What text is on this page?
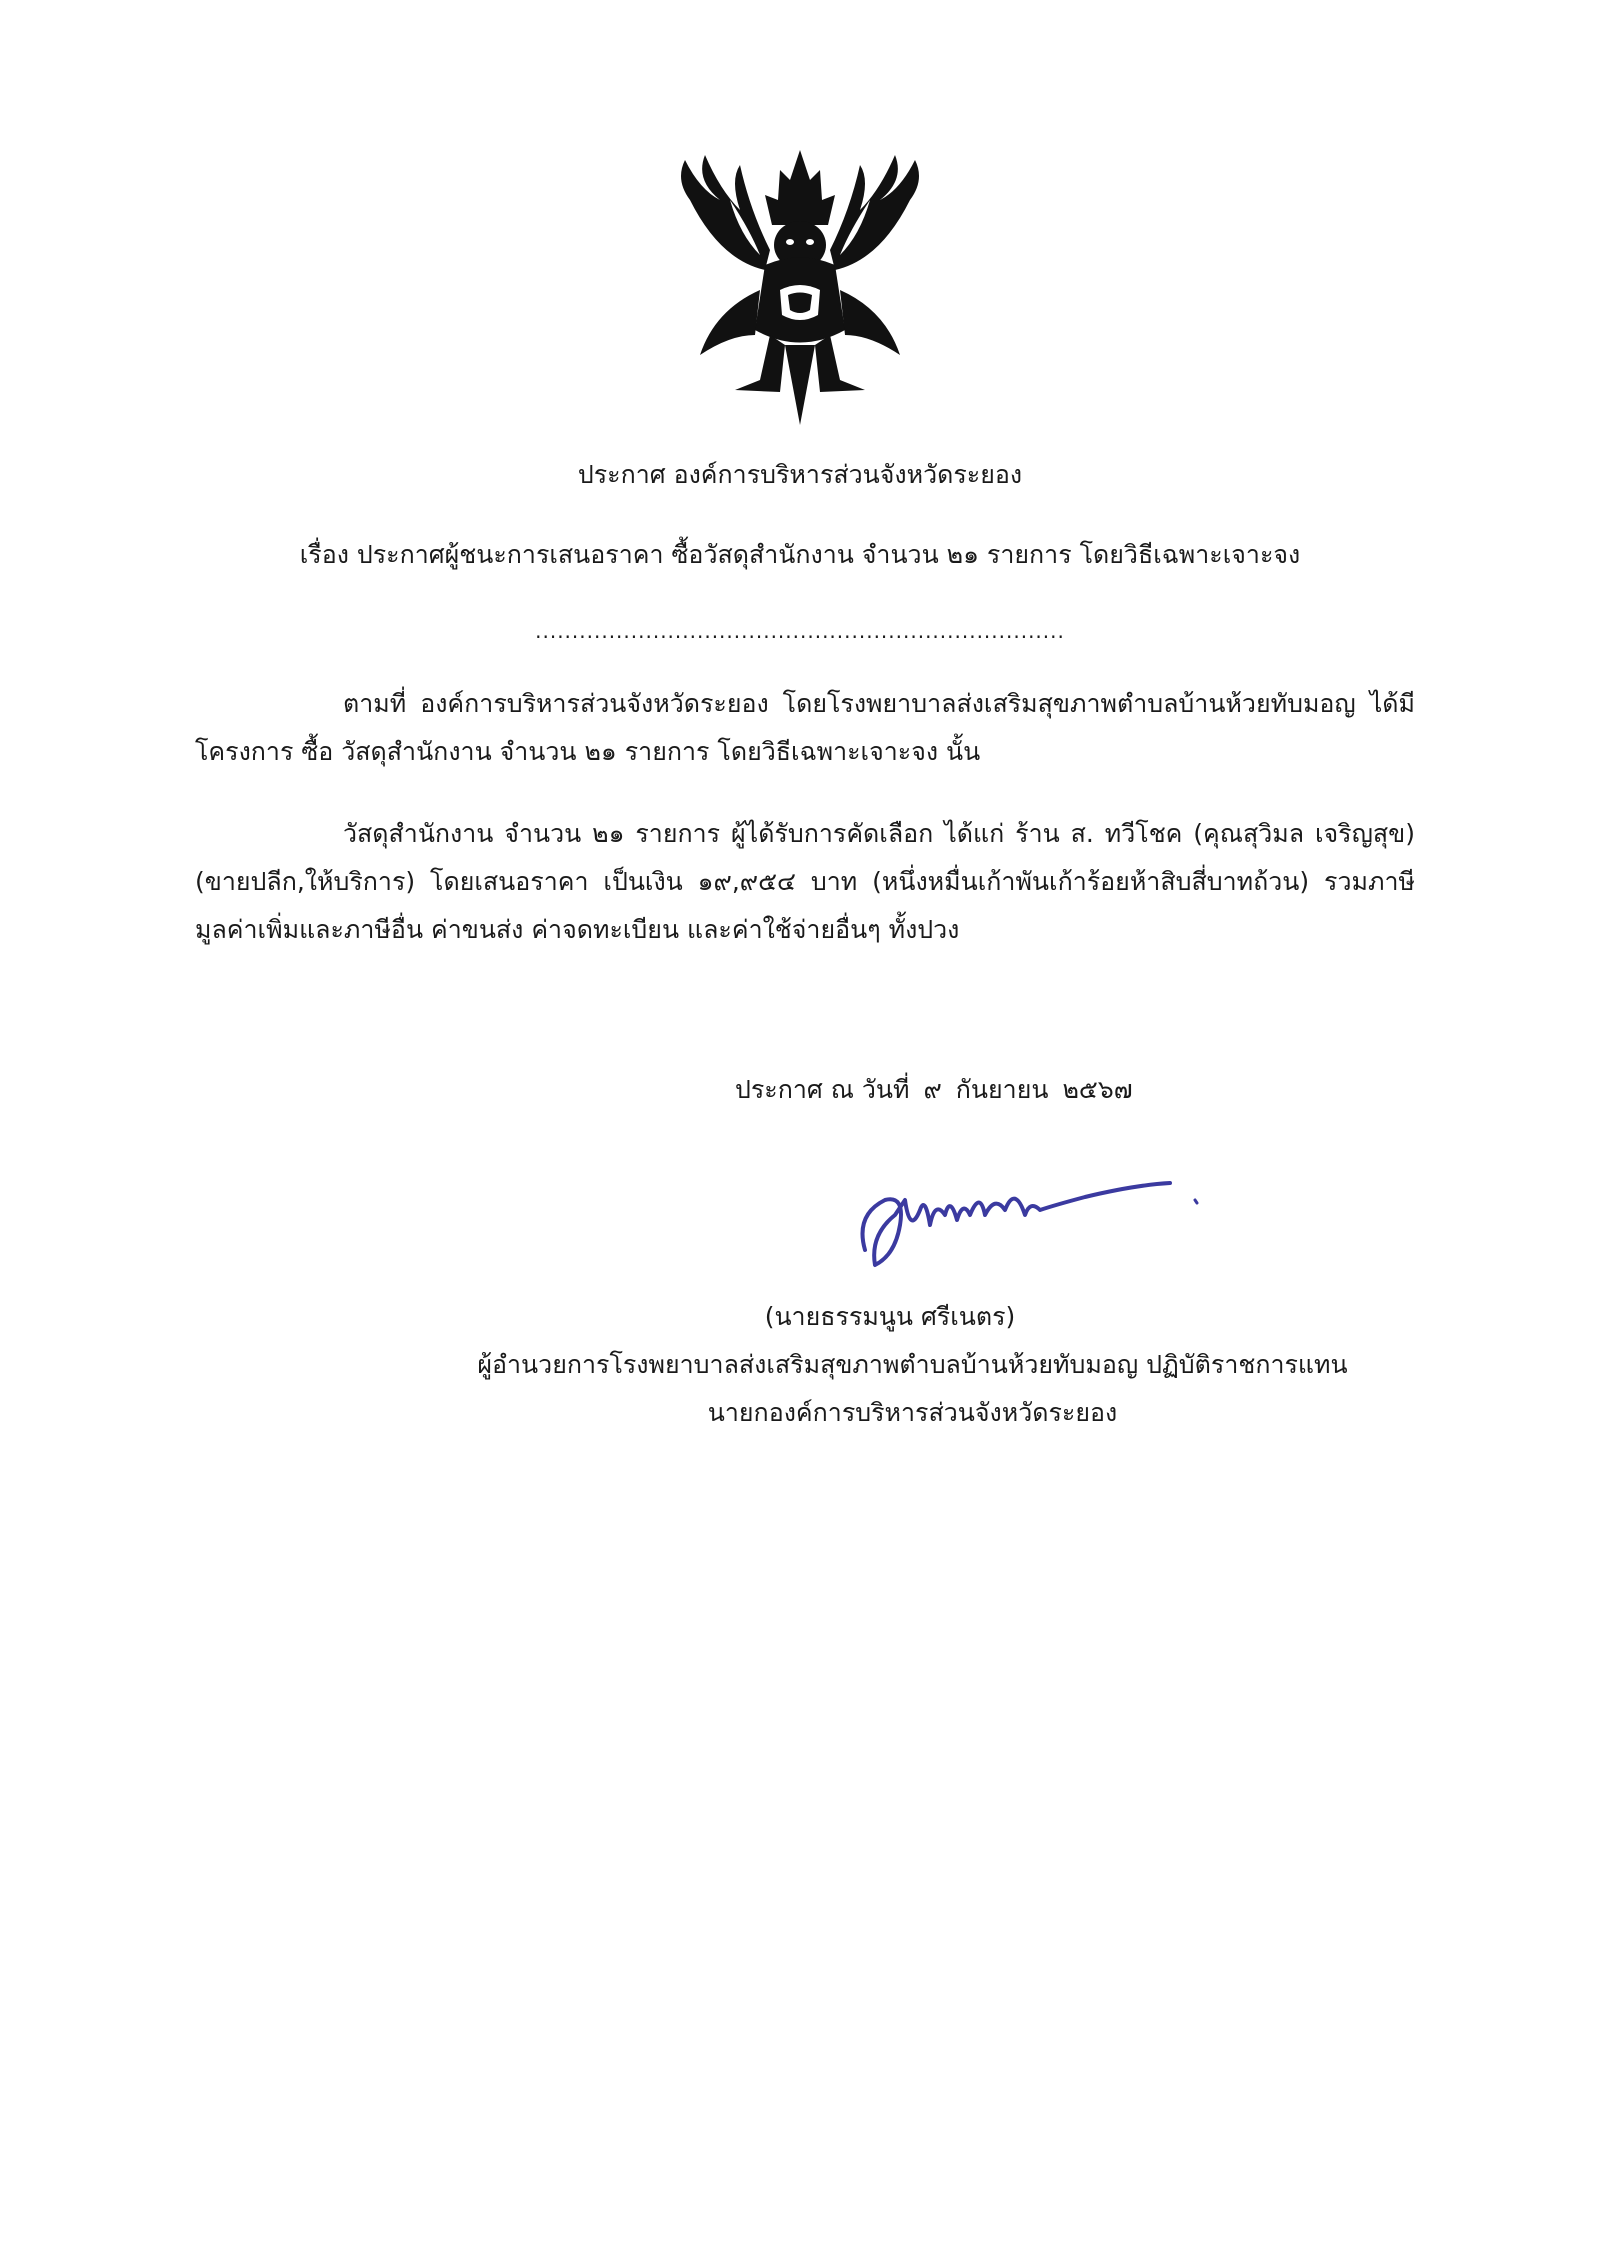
ประกาศ องค์การบริหารส่วนจังหวัดระยอง
เรื่อง ประกาศผู้ชนะการเสนอราคา ซื้อวัสดุสำนักงาน จำนวน ๒๑ รายการ โดยวิธีเฉพาะเจาะจง
........................................................................
ตามที่ องค์การบริหารส่วนจังหวัดระยอง โดยโรงพยาบาลส่งเสริมสุขภาพตำบลบ้านห้วยทับมอญ ได้มีโครงการ ซื้อ วัสดุสำนักงาน จำนวน ๒๑ รายการ โดยวิธีเฉพาะเจาะจง นั้น
วัสดุสำนักงาน จำนวน ๒๑ รายการ ผู้ได้รับการคัดเลือก ได้แก่ ร้าน ส. ทวีโชค (คุณสุวิมล เจริญสุข) (ขายปลีก,ให้บริการ) โดยเสนอราคา เป็นเงิน ๑๙,๙๕๔ บาท (หนึ่งหมื่นเก้าพันเก้าร้อยห้าสิบสี่บาทถ้วน) รวมภาษีมูลค่าเพิ่มและภาษีอื่น ค่าขนส่ง ค่าจดทะเบียน และค่าใช้จ่ายอื่นๆ ทั้งปวง
ประกาศ ณ วันที่ ๙ กันยายน ๒๕๖๗
(นายธรรมนูน ศรีเนตร)
ผู้อำนวยการโรงพยาบาลส่งเสริมสุขภาพตำบลบ้านห้วยทับมอญ ปฏิบัติราชการแทน
นายกองค์การบริหารส่วนจังหวัดระยอง
